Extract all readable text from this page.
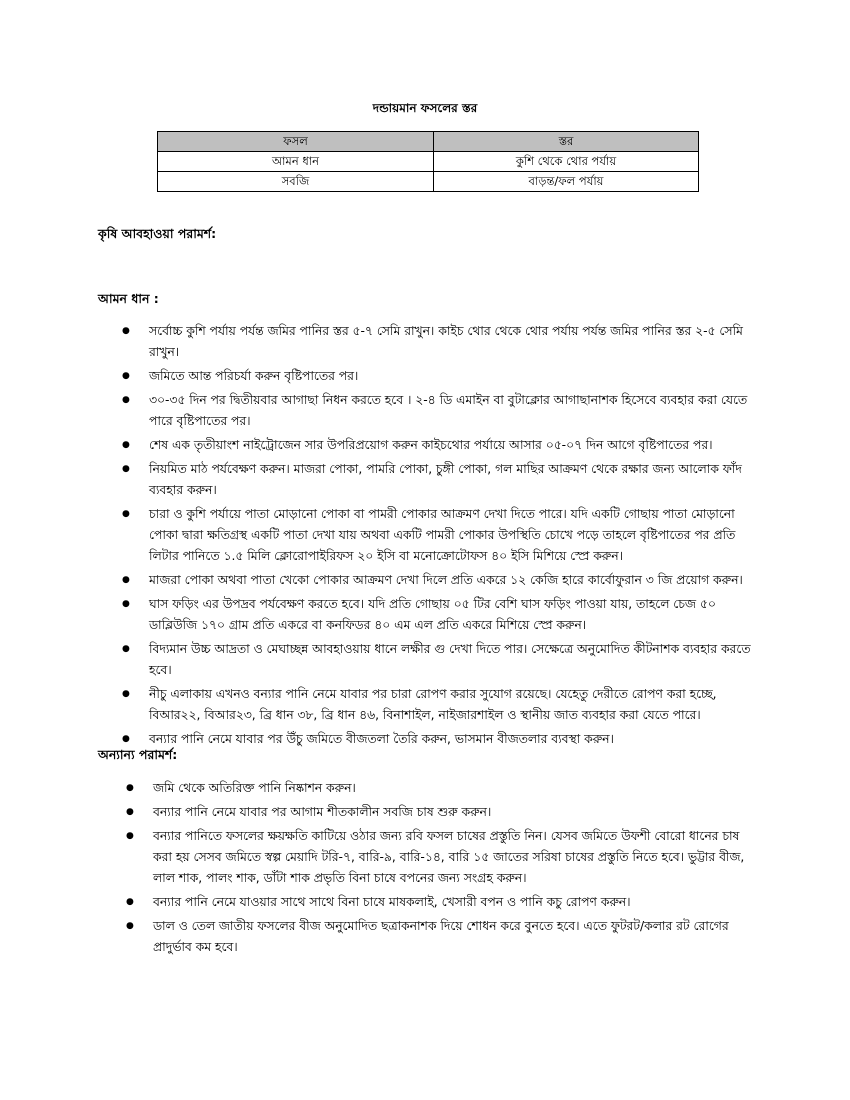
দন্ডায়মান ফসলের স্তর
ফসল	স্তর
আমন ধান	কুশি থেকে থোর পর্যায়
সবজি	বাড়ন্ত/ফল পর্যায়
কৃষি আবহাওয়া পরামর্শ:
আমন ধান :
● সর্বোচ্চ কুশি পর্যায় পর্যন্ত জমির পানির স্তর ৫-৭ সেমি রাখুন। কাইচ থোর থেকে থোর পর্যায় পর্যন্ত জমির পানির স্তর ২-৫ সেমি রাখুন।
● জমিতে আন্ত পরিচর্যা করুন বৃষ্টিপাতের পর।
● ৩০-৩৫ দিন পর দ্বিতীয়বার আগাছা নিধন করতে হবে । ২-৪ ডি এমাইন বা বুটাক্লোর আগাছানাশক হিসেবে ব্যবহার করা যেতে পারে বৃষ্টিপাতের পর।
● শেষ এক তৃতীয়াংশ নাইট্রোজেন সার উপরিপ্রয়োগ করুন কাইচথোর পর্যায়ে আসার ০৫-০৭ দিন আগে বৃষ্টিপাতের পর।
● নিয়মিত মাঠ পর্যবেক্ষণ করুন। মাজরা পোকা, পামরি পোকা, চুঙ্গী পোকা, গল মাছির আক্রমণ থেকে রক্ষার জন্য আলোক ফাঁদ ব্যবহার করুন।
● চারা ও কুশি পর্যায়ে পাতা মোড়ানো পোকা বা পামরী পোকার আক্রমণ দেখা দিতে পারে। যদি একটি গোছায় পাতা মোড়ানো পোকা দ্বারা ক্ষতিগ্রস্থ একটি পাতা দেখা যায় অথবা একটি পামরী পোকার উপস্থিতি চোখে পড়ে তাহলে বৃষ্টিপাতের পর প্রতি লিটার পানিতে ১.৫ মিলি ক্লোরোপাইরিফস ২০ ইসি বা মনোক্রোটোফস ৪০ ইসি মিশিয়ে স্প্রে করুন।
● মাজরা পোকা অথবা পাতা খেকো পোকার আক্রমণ দেখা দিলে প্রতি একরে ১২ কেজি হারে কার্বোফুরান ৩ জি প্রয়োগ করুন।
● ঘাস ফড়িং এর উপদ্রব পর্যবেক্ষণ করতে হবে। যদি প্রতি গোছায় ০৫ টির বেশি ঘাস ফড়িং পাওয়া যায়, তাহলে চেজ ৫০ ডাব্লিউজি ১৭০ গ্রাম প্রতি একরে বা কনফিডর ৪০ এম এল প্রতি একরে মিশিয়ে স্প্রে করুন।
● বিদ্যমান উচ্চ আদ্রতা ও মেঘাচ্ছন্ন আবহাওয়ায় ধানে লক্ষীর গু দেখা দিতে পার। সেক্ষেত্রে অনুমোদিত কীটনাশক ব্যবহার করতে হবে।
● নীচু এলাকায় এখনও বন্যার পানি নেমে যাবার পর চারা রোপণ করার সুযোগ রয়েছে। যেহেতু দেরীতে রোপণ করা হচ্ছে, বিআর২২, বিআর২৩, ব্রি ধান ৩৮, ব্রি ধান ৪৬, বিনাশাইল, নাইজারশাইল ও স্থানীয় জাত ব্যবহার করা যেতে পারে।
● বন্যার পানি নেমে যাবার পর উঁচু জমিতে বীজতলা তৈরি করুন, ভাসমান বীজতলার ব্যবস্থা করুন।
অন্যান্য পরামর্শ:
● জমি থেকে অতিরিক্ত পানি নিষ্কাশন করুন।
● বন্যার পানি নেমে যাবার পর আগাম শীতকালীন সবজি চাষ শুরু করুন।
● বন্যার পানিতে ফসলের ক্ষয়ক্ষতি কাটিয়ে ওঠার জন্য রবি ফসল চাষের প্রস্তুতি নিন। যেসব জমিতে উফশী বোরো ধানের চাষ করা হয় সেসব জমিতে স্বল্প মেয়াদি টরি-৭, বারি-৯, বারি-১৪, বারি ১৫ জাতের সরিষা চাষের প্রস্তুতি নিতে হবে। ভুট্টার বীজ, লাল শাক, পালং শাক, ডাঁটা শাক প্রভৃতি বিনা চাষে বপনের জন্য সংগ্রহ করুন।
● বন্যার পানি নেমে যাওয়ার সাথে সাথে বিনা চাষে মাষকলাই, খেসারী বপন ও পানি কচু রোপণ করুন।
● ডাল ও তেল জাতীয় ফসলের বীজ অনুমোদিত ছত্রাকনাশক দিয়ে শোধন করে বুনতে হবে। এতে ফুটরট/কলার রট রোগের প্রাদুর্ভাব কম হবে।
